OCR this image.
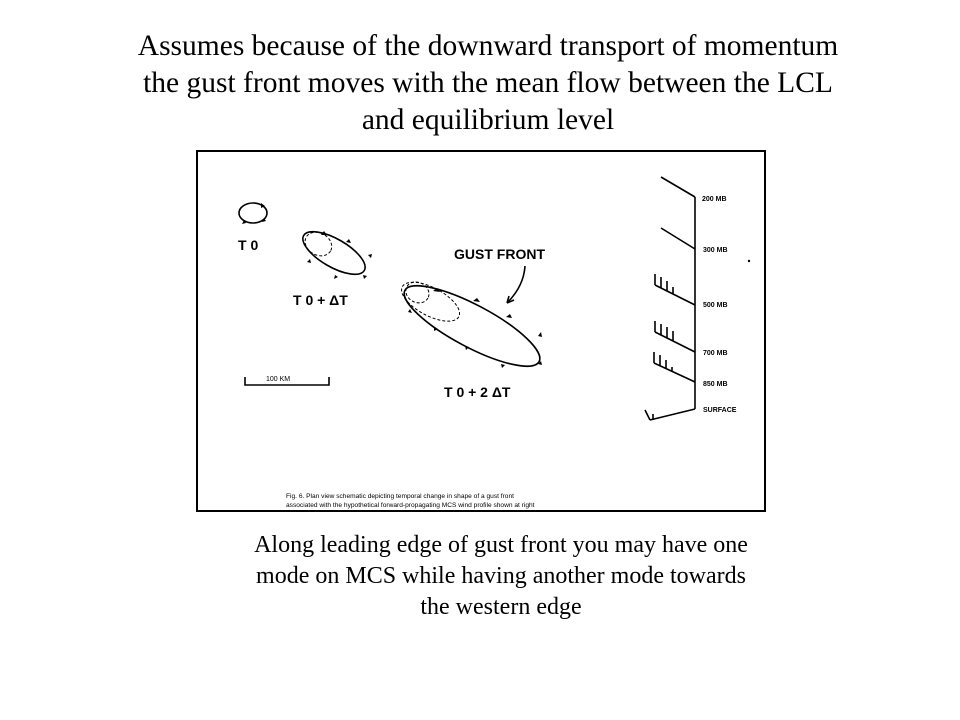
Assumes because of the downward transport of momentum
the gust front moves with the mean flow between the LCL
and equilibrium level
T 0
T 0 + ΔT
T 0 + 2 ΔT
GUST FRONT
100 KM
200 MB
300 MB
500 MB
700 MB
850 MB
SURFACE
Fig. 6. Plan view schematic depicting temporal change in shape of a gust front
associated with the hypothetical forward-propagating MCS wind profile shown at right
Along leading edge of gust front you may have one
mode on MCS while having another mode towards
the western edge
